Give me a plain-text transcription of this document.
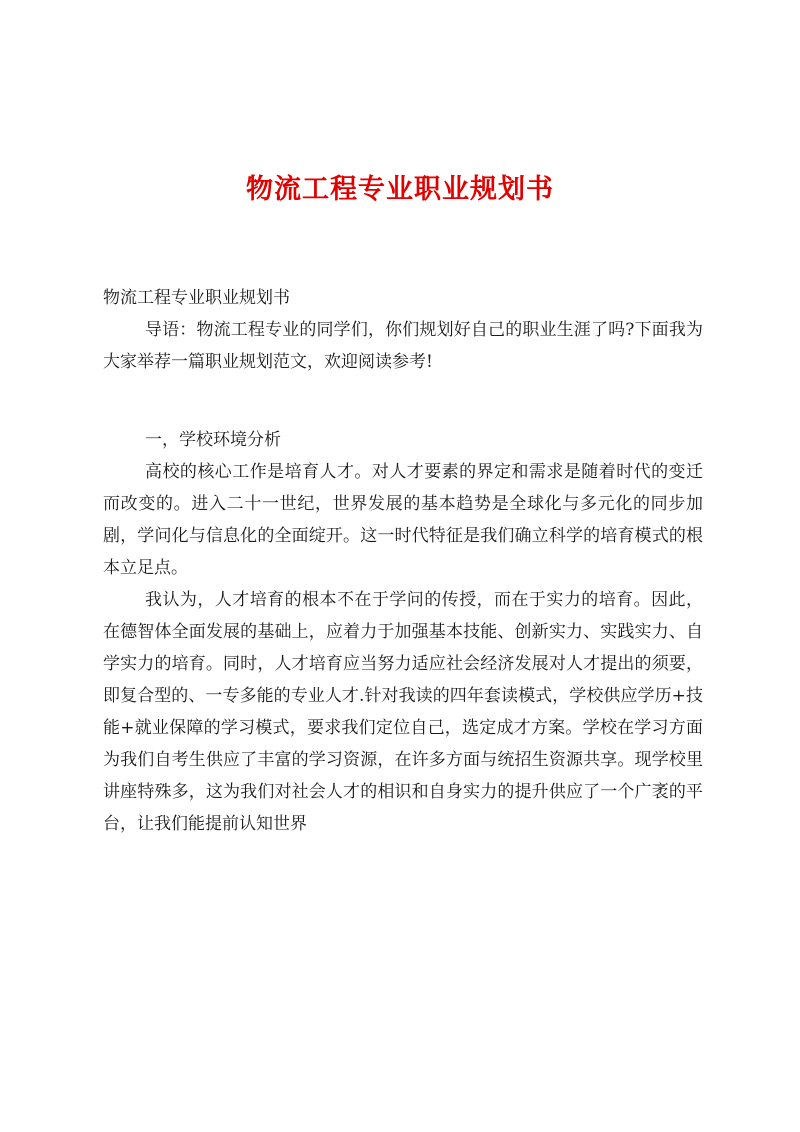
物流工程专业职业规划书

物流工程专业职业规划书

导语：物流工程专业的同学们，你们规划好自己的职业生涯了吗?下面我为大家举荐一篇职业规划范文，欢迎阅读参考!

一，学校环境分析

高校的核心工作是培育人才。对人才要素的界定和需求是随着时代的变迁而改变的。进入二十一世纪，世界发展的基本趋势是全球化与多元化的同步加剧，学问化与信息化的全面绽开。这一时代特征是我们确立科学的培育模式的根本立足点。

我认为，人才培育的根本不在于学问的传授，而在于实力的培育。因此，在德智体全面发展的基础上，应着力于加强基本技能、创新实力、实践实力、自学实力的培育。同时，人才培育应当努力适应社会经济发展对人才提出的须要，即复合型的、一专多能的专业人才.针对我读的四年套读模式，学校供应学历+技能+就业保障的学习模式，要求我们定位自己，选定成才方案。学校在学习方面为我们自考生供应了丰富的学习资源，在许多方面与统招生资源共享。现学校里讲座特殊多，这为我们对社会人才的相识和自身实力的提升供应了一个广袤的平台，让我们能提前认知世界
